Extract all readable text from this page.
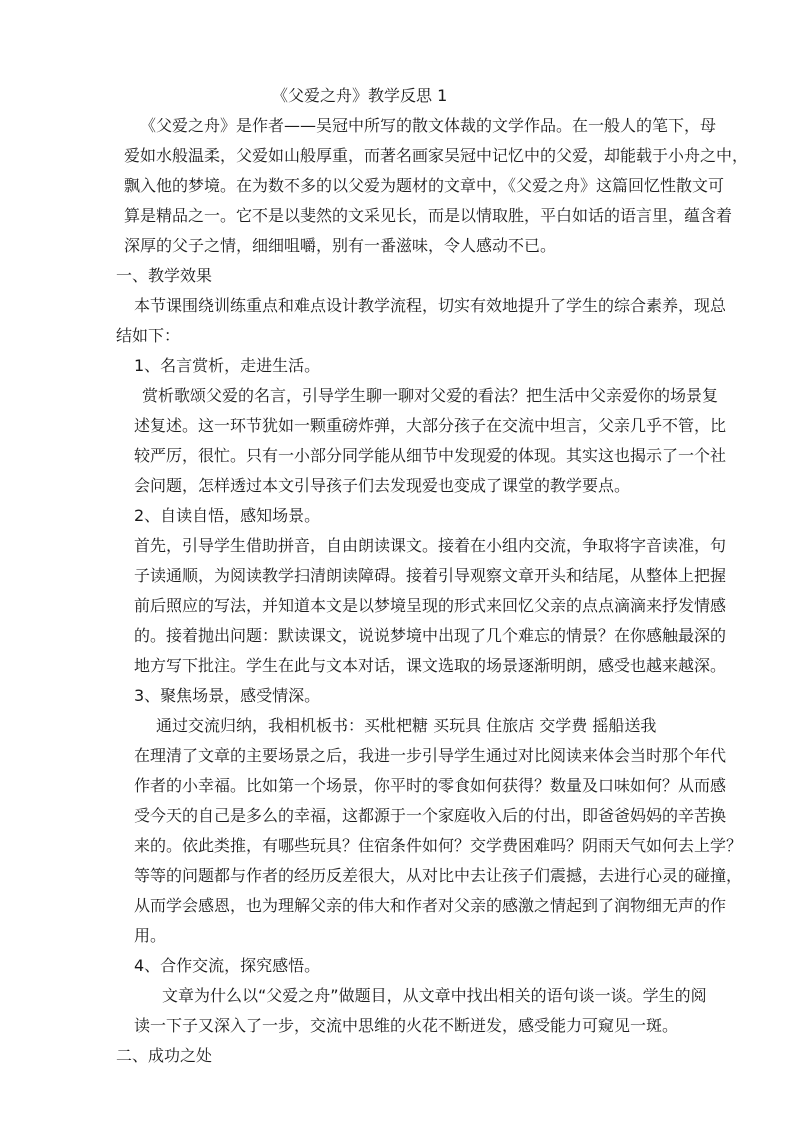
《父爱之舟》教学反思 1
《父爱之舟》是作者——吴冠中所写的散文体裁的文学作品。在一般人的笔下，母
爱如水般温柔，父爱如山般厚重，而著名画家吴冠中记忆中的父爱，却能载于小舟之中，
飘入他的梦境。在为数不多的以父爱为题材的文章中，《父爱之舟》这篇回忆性散文可
算是精品之一。它不是以斐然的文采见长，而是以情取胜，平白如话的语言里，蕴含着
深厚的父子之情，细细咀嚼，别有一番滋味，令人感动不已。
一、教学效果
本节课围绕训练重点和难点设计教学流程，切实有效地提升了学生的综合素养，现总
结如下：
1、名言赏析，走进生活。
赏析歌颂父爱的名言，引导学生聊一聊对父爱的看法？把生活中父亲爱你的场景复
述复述。这一环节犹如一颗重磅炸弹，大部分孩子在交流中坦言，父亲几乎不管，比
较严厉，很忙。只有一小部分同学能从细节中发现爱的体现。其实这也揭示了一个社
会问题，怎样透过本文引导孩子们去发现爱也变成了课堂的教学要点。
2、自读自悟，感知场景。
首先，引导学生借助拼音，自由朗读课文。接着在小组内交流，争取将字音读准，句
子读通顺，为阅读教学扫清朗读障碍。接着引导观察文章开头和结尾，从整体上把握
前后照应的写法，并知道本文是以梦境呈现的形式来回忆父亲的点点滴滴来抒发情感
的。接着抛出问题：默读课文，说说梦境中出现了几个难忘的情景？在你感触最深的
地方写下批注。学生在此与文本对话，课文选取的场景逐渐明朗，感受也越来越深。
3、聚焦场景，感受情深。
通过交流归纳，我相机板书：买枇杷糖 买玩具 住旅店 交学费 摇船送我
在理清了文章的主要场景之后，我进一步引导学生通过对比阅读来体会当时那个年代
作者的小幸福。比如第一个场景，你平时的零食如何获得？数量及口味如何？从而感
受今天的自己是多么的幸福，这都源于一个家庭收入后的付出，即爸爸妈妈的辛苦换
来的。依此类推，有哪些玩具？住宿条件如何？交学费困难吗？阴雨天气如何去上学？
等等的问题都与作者的经历反差很大，从对比中去让孩子们震撼，去进行心灵的碰撞，
从而学会感恩，也为理解父亲的伟大和作者对父亲的感激之情起到了润物细无声的作
用。
4、合作交流，探究感悟。
文章为什么以“父爱之舟”做题目，从文章中找出相关的语句谈一谈。学生的阅
读一下子又深入了一步，交流中思维的火花不断迸发，感受能力可窥见一斑。
二、成功之处
